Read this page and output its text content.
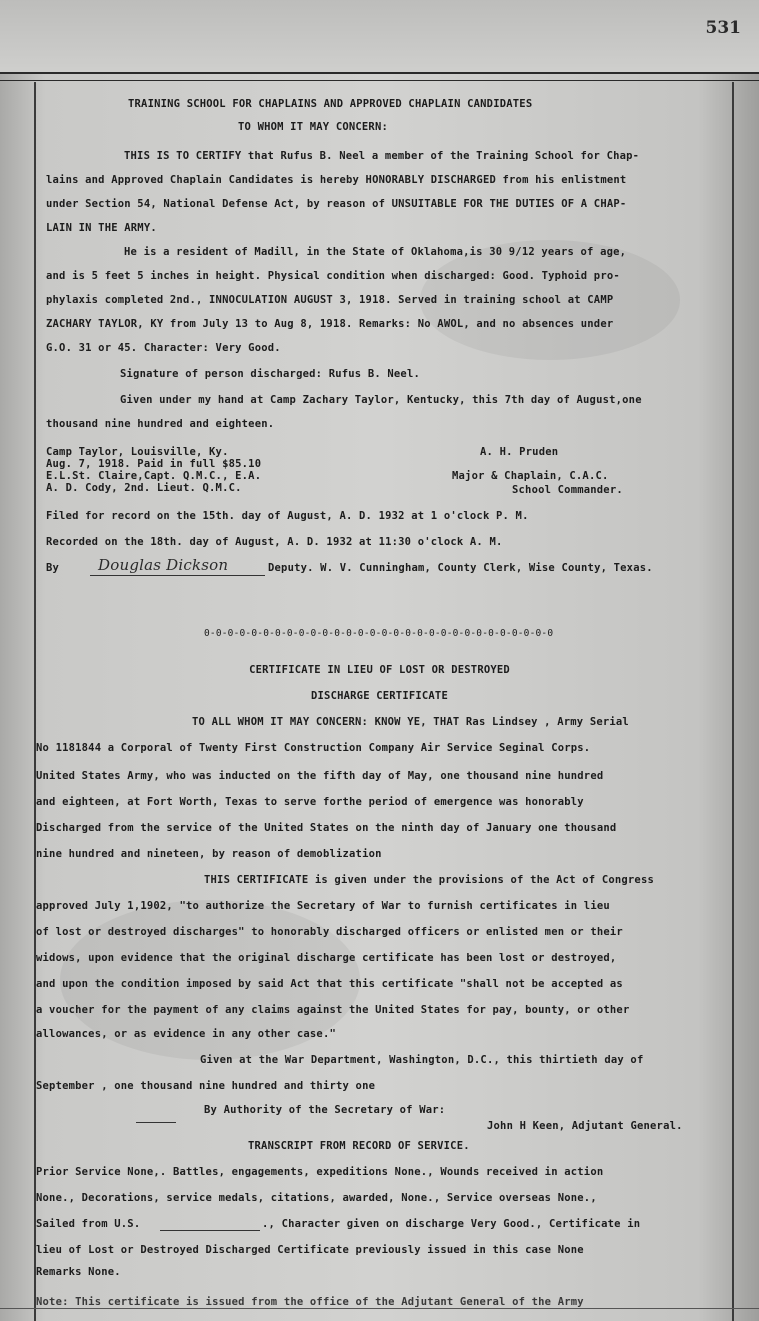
531
TRAINING SCHOOL FOR CHAPLAINS AND APPROVED CHAPLAIN CANDIDATES
TO WHOM IT MAY CONCERN:
THIS IS TO CERTIFY that Rufus B. Neel a member of the Training School for Chap-
lains and Approved Chaplain Candidates is hereby HONORABLY DISCHARGED from his enlistment
under Section 54, National Defense Act, by reason of UNSUITABLE FOR THE DUTIES OF A CHAP-
LAIN IN THE ARMY.
He is a resident of Madill, in the State of Oklahoma,is 30 9/12 years of age,
and is 5 feet 5 inches in height. Physical condition when discharged: Good. Typhoid pro-
phylaxis completed 2nd., INNOCULATION AUGUST 3, 1918. Served in training school at CAMP
ZACHARY TAYLOR, KY from July 13 to Aug 8, 1918. Remarks: No AWOL, and no absences under
G.O. 31 or 45. Character: Very Good.
Signature of person discharged: Rufus B. Neel.
Given under my hand at Camp Zachary Taylor, Kentucky, this 7th day of August,one
thousand nine hundred and eighteen.
Camp Taylor, Louisville, Ky.
Aug. 7, 1918. Paid in full $85.10
E.L.St. Claire,Capt. Q.M.C., E.A.
A. D. Cody, 2nd. Lieut. Q.M.C.
A. H. Pruden
Major & Chaplain, C.A.C.
School Commander.
Filed for record on the 15th. day of August, A. D. 1932 at 1 o'clock P. M.
Recorded on the 18th. day of August, A. D. 1932 at 11:30 o'clock A. M.
By	Douglas Dickson	Deputy. W. V. Cunningham, County Clerk, Wise County, Texas.
0-0-0-0-0-0-0-0-0-0-0-0-0-0-0-0-0-0-0-0-0-0-0-0-0-0-0-0-0-0
CERTIFICATE IN LIEU OF LOST OR DESTROYED
DISCHARGE CERTIFICATE
TO ALL WHOM IT MAY CONCERN: KNOW YE, THAT Ras Lindsey , Army Serial
No 1181844 a Corporal of Twenty First Construction Company Air Service Seginal Corps.
United States Army, who was inducted on the fifth day of May, one thousand nine hundred
and eighteen, at Fort Worth, Texas to serve forthe period of emergence was honorably
Discharged from the service of the United States on the ninth day of January one thousand
nine hundred and nineteen, by reason of demoblization
THIS CERTIFICATE is given under the provisions of the Act of Congress
approved July 1,1902, "to authorize the Secretary of War to furnish certificates in lieu
of lost or destroyed discharges" to honorably discharged officers or enlisted men or their
widows, upon evidence that the original discharge certificate has been lost or destroyed,
and upon the condition imposed by said Act that this certificate "shall not be accepted as
a voucher for the payment of any claims against the United States for pay, bounty, or other
allowances, or as evidence in any other case."
Given at the War Department, Washington, D.C., this thirtieth day of
September , one thousand nine hundred and thirty one
By Authority of the Secretary of War:
John H Keen, Adjutant General.
TRANSCRIPT FROM RECORD OF SERVICE.
Prior Service None,. Battles, engagements, expeditions None., Wounds received in action
None., Decorations, service medals, citations, awarded, None., Service overseas None.,
Sailed from U.S.	., Character given on discharge Very Good., Certificate in
lieu of Lost or Destroyed Discharged Certificate previously issued in this case None
Remarks None.
Note: This certificate is issued from the office of the Adjutant General of the Army
